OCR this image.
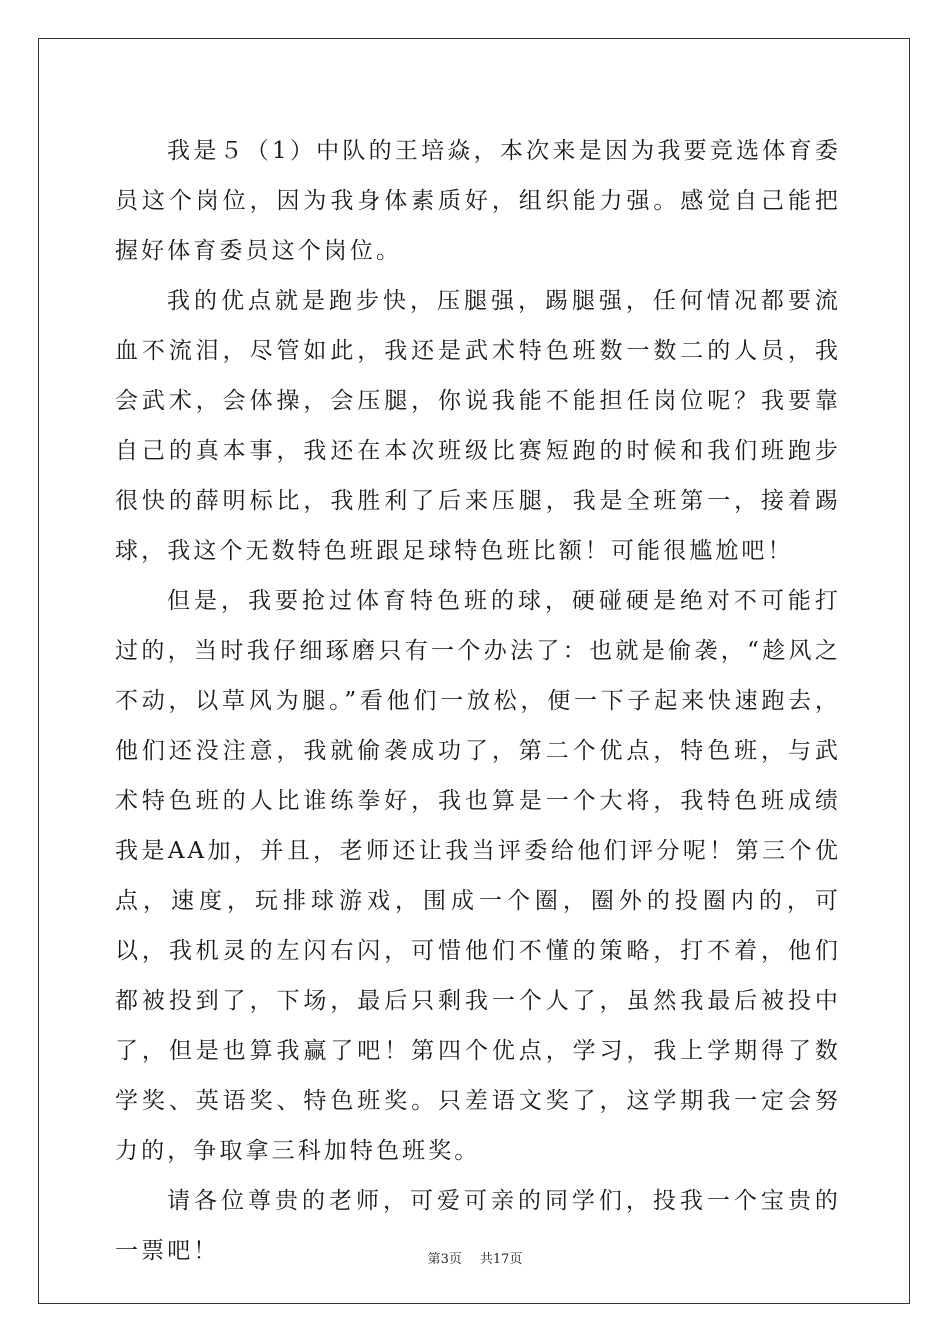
我是５（1）中队的王培焱，本次来是因为我要竞选体育委员这个岗位，因为我身体素质好，组织能力强。感觉自己能把握好体育委员这个岗位。

我的优点就是跑步快，压腿强，踢腿强，任何情况都要流血不流泪，尽管如此，我还是武术特色班数一数二的人员，我会武术，会体操，会压腿，你说我能不能担任岗位呢？我要靠自己的真本事，我还在本次班级比赛短跑的时候和我们班跑步很快的薛明标比，我胜利了后来压腿，我是全班第一，接着踢球，我这个无数特色班跟足球特色班比额！可能很尴尬吧！

但是，我要抢过体育特色班的球，硬碰硬是绝对不可能打过的，当时我仔细琢磨只有一个办法了：也就是偷袭，“趁风之不动，以草风为腿。”看他们一放松，便一下子起来快速跑去，他们还没注意，我就偷袭成功了，第二个优点，特色班，与武术特色班的人比谁练拳好，我也算是一个大将，我特色班成绩我是AA加，并且，老师还让我当评委给他们评分呢！第三个优点，速度，玩排球游戏，围成一个圈，圈外的投圈内的，可以，我机灵的左闪右闪，可惜他们不懂的策略，打不着，他们都被投到了，下场，最后只剩我一个人了，虽然我最后被投中了，但是也算我赢了吧！第四个优点，学习，我上学期得了数学奖、英语奖、特色班奖。只差语文奖了，这学期我一定会努力的，争取拿三科加特色班奖。

请各位尊贵的老师，可爱可亲的同学们，投我一个宝贵的一票吧！	第3页 共17页
